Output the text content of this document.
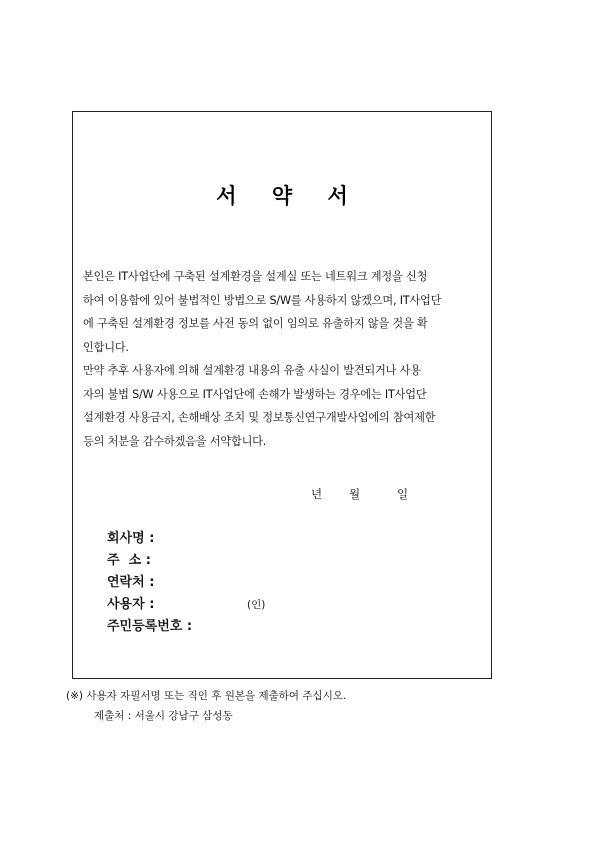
서 약 서
본인은 IT사업단에 구축된 설계환경을 설계실 또는 네트워크 계정을 신청
하여 이용함에 있어 불법적인 방법으로 S/W를 사용하지 않겠으며, IT사업단
에 구축된 설계환경 정보를 사전 동의 없이 임의로 유출하지 않을 것을 확
인합니다.
만약 추후 사용자에 의해 설계환경 내용의 유출 사실이 발견되거나 사용
자의 불법 S/W 사용으로 IT사업단에 손해가 발생하는 경우에는 IT사업단
설계환경 사용금지, 손해배상 조치 및 정보통신연구개발사업에의 참여제한
등의 처분을 감수하겠음을 서약합니다.
년 월	일
회사명 :
주  소 :
연락처 :
사용자 :	(인)
주민등록번호 :
(※) 사용자 자필서명 또는 직인 후 원본을 제출하여 주십시오.
제출처 : 서울시 강남구 삼성동
